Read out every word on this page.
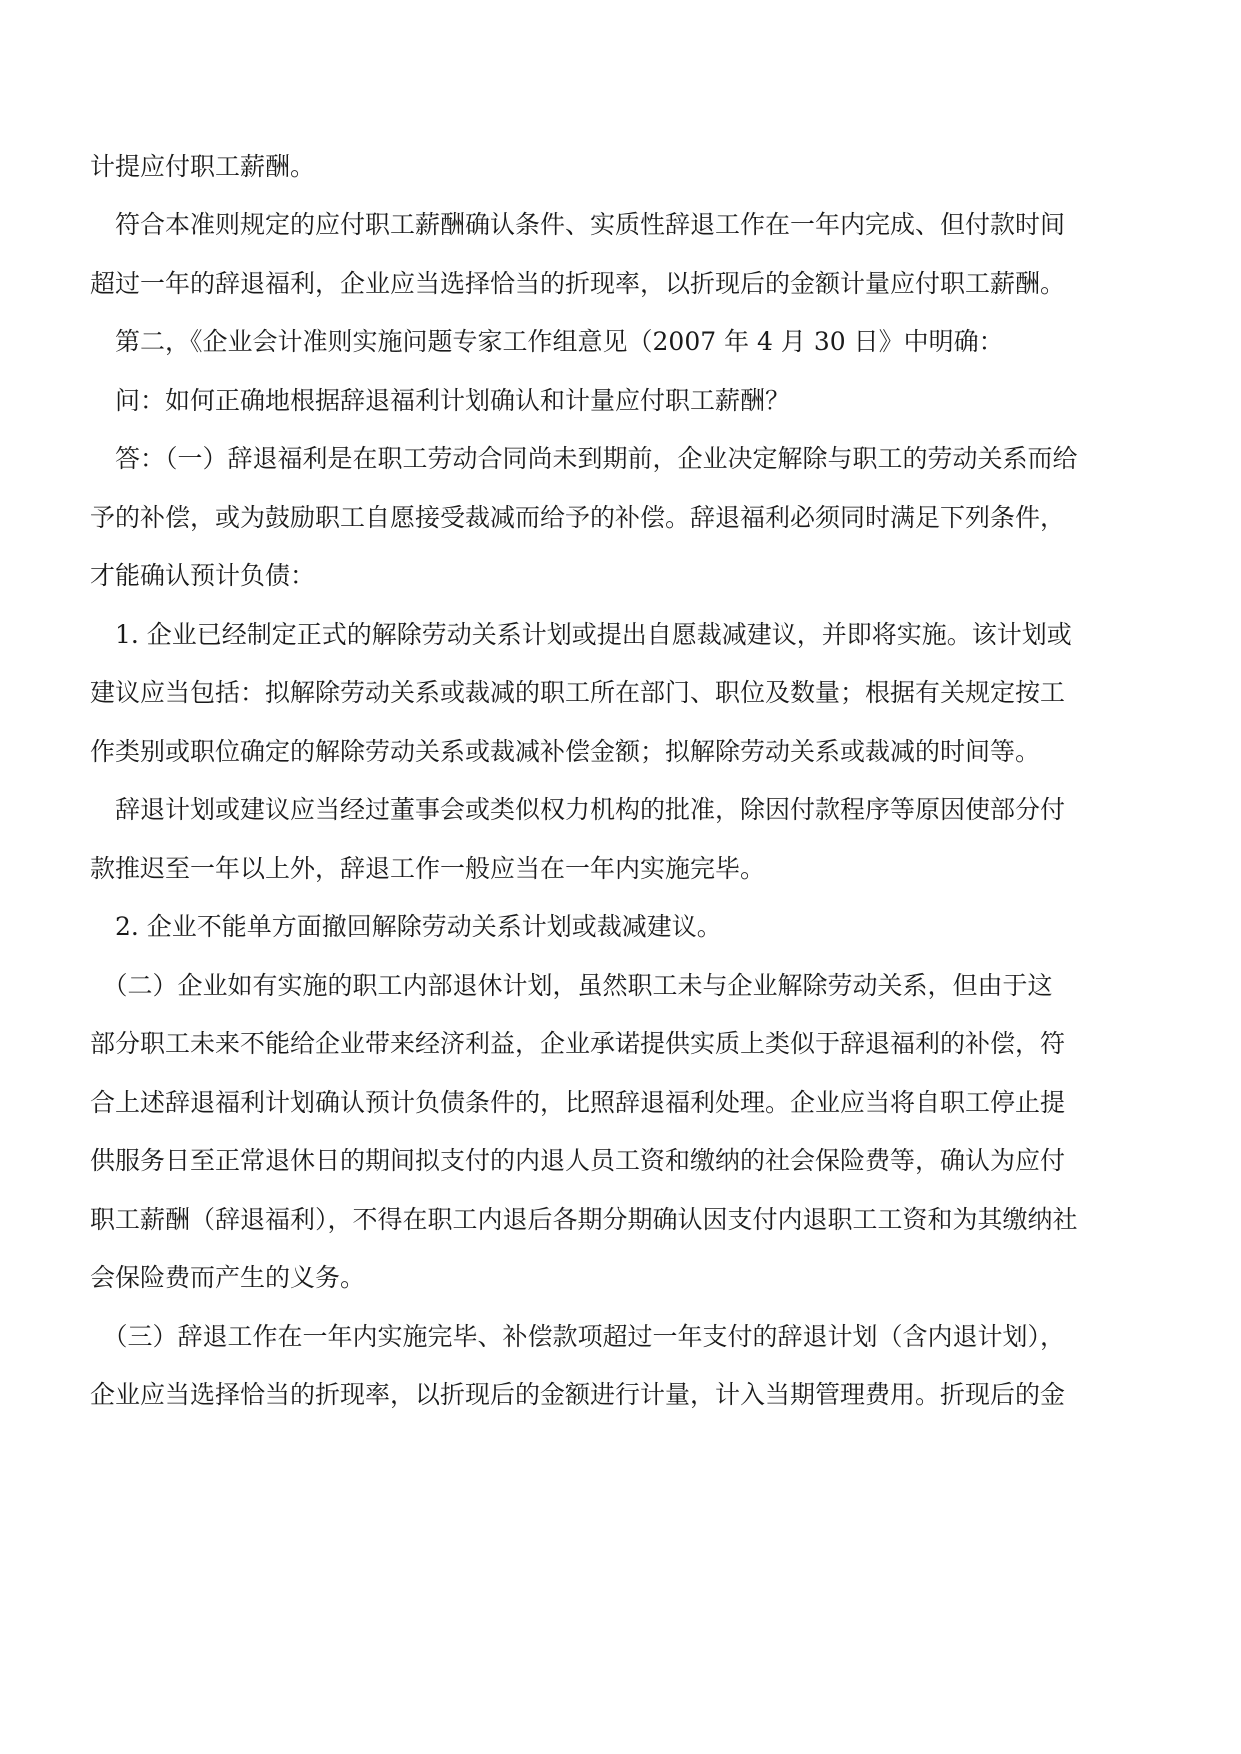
计提应付职工薪酬。
　符合本准则规定的应付职工薪酬确认条件、实质性辞退工作在一年内完成、但付款时间
超过一年的辞退福利，企业应当选择恰当的折现率，以折现后的金额计量应付职工薪酬。
　第二，《企业会计准则实施问题专家工作组意见（2007 年 4 月 30 日》中明确：
　问：如何正确地根据辞退福利计划确认和计量应付职工薪酬？
　答：（一）辞退福利是在职工劳动合同尚未到期前，企业决定解除与职工的劳动关系而给
予的补偿，或为鼓励职工自愿接受裁减而给予的补偿。辞退福利必须同时满足下列条件，
才能确认预计负债：
　1. 企业已经制定正式的解除劳动关系计划或提出自愿裁减建议，并即将实施。该计划或
建议应当包括：拟解除劳动关系或裁减的职工所在部门、职位及数量；根据有关规定按工
作类别或职位确定的解除劳动关系或裁减补偿金额；拟解除劳动关系或裁减的时间等。
　辞退计划或建议应当经过董事会或类似权力机构的批准，除因付款程序等原因使部分付
款推迟至一年以上外，辞退工作一般应当在一年内实施完毕。
　2. 企业不能单方面撤回解除劳动关系计划或裁减建议。
　（二）企业如有实施的职工内部退休计划，虽然职工未与企业解除劳动关系，但由于这
部分职工未来不能给企业带来经济利益，企业承诺提供实质上类似于辞退福利的补偿，符
合上述辞退福利计划确认预计负债条件的，比照辞退福利处理。企业应当将自职工停止提
供服务日至正常退休日的期间拟支付的内退人员工资和缴纳的社会保险费等，确认为应付
职工薪酬（辞退福利），不得在职工内退后各期分期确认因支付内退职工工资和为其缴纳社
会保险费而产生的义务。
　（三）辞退工作在一年内实施完毕、补偿款项超过一年支付的辞退计划（含内退计划），
企业应当选择恰当的折现率，以折现后的金额进行计量，计入当期管理费用。折现后的金
